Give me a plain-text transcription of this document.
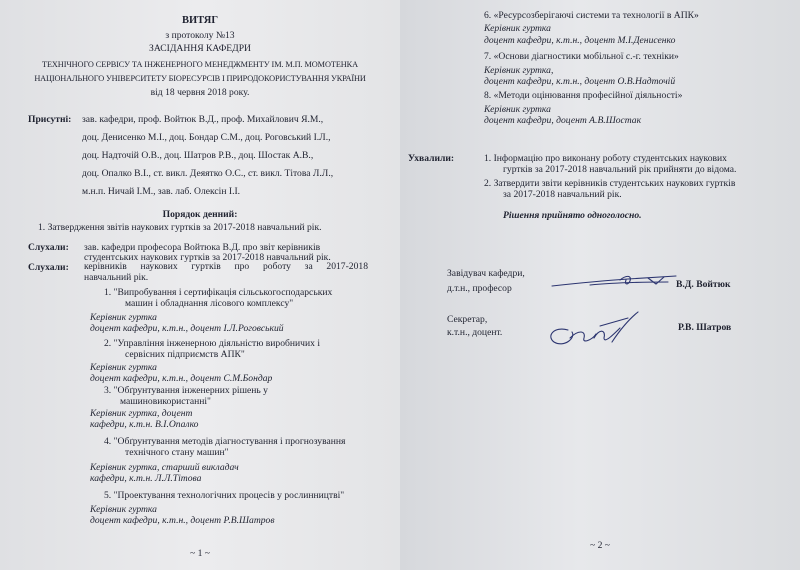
ВИТЯГ
з протоколу №13
ЗАСІДАННЯ КАФЕДРИ
ТЕХНІЧНОГО СЕРВІСУ ТА ІНЖЕНЕРНОГО МЕНЕДЖМЕНТУ ІМ. М.П. МОМОТЕНКА
НАЦІОНАЛЬНОГО УНІВЕРСИТЕТУ БІОРЕСУРСІВ І ПРИРОДОКОРИСТУВАННЯ УКРАЇНИ
від 18 червня 2018 року.
Присутні: зав. кафедри, проф. Войтюк В.Д., проф. Михайлович Я.М.,
доц. Денисенко М.І., доц. Бондар С.М., доц. Роговський І.Л.,
доц. Надточій О.В., доц. Шатров Р.В., доц. Шостак А.В.,
доц. Опалко В.І., ст. викл. Деяятко О.С., ст. викл. Тітова Л.Л.,
м.н.п. Ничай І.М., зав. лаб. Олексін І.І.
Порядок денний:
1. Затвердження звітів наукових гуртків за 2017-2018 навчальний рік.
Слухали: зав. кафедри професора Войтюка В.Д. про звіт керівників
студентських наукових гуртків за 2017-2018 навчальний рік.
Слухали: керівників наукових гуртків про роботу за 2017-2018
навчальний рік.
1. "Випробування і сертифікація сільськогосподарських
машин і обладнання лісового комплексу"
Керівник гуртка
доцент кафедри, к.т.н., доцент І.Л.Роговський
2. "Управління інженерною діяльністю виробничих і
сервісних підприємств АПК"
Керівник гуртка
доцент кафедри, к.т.н., доцент С.М.Бондар
3. "Обґрунтування інженерних рішень у
машиновикористанні"
Керівник гуртка, доцент
кафедри, к.т.н. В.І.Опалко
4. "Обґрунтування методів діагностування і прогнозування
технічного стану машин"
Керівник гуртка, старший викладач
кафедри, к.т.н. Л.Л.Тітова
5. "Проектування технологічних процесів у рослинництві"
Керівник гуртка
доцент кафедри, к.т.н., доцент Р.В.Шатров
~ 1 ~
6. «Ресурсозберігаючі системи та технології в АПК»
Керівник гуртка
доцент кафедри, к.т.н., доцент М.І.Денисенко
7. «Основи діагностики мобільної с.-г. техніки»
Керівник гуртка,
доцент кафедри, к.т.н., доцент О.В.Надточій
8. «Методи оцінювання професійної діяльності»
Керівник гуртка
доцент кафедри, доцент А.В.Шостак
Ухвалили:	1. Інформацію про виконану роботу студентських наукових
гуртків за 2017-2018 навчальний рік прийняти до відома.
2. Затвердити звіти керівників студентських наукових гуртків
за 2017-2018 навчальний рік.
Рішення прийнято одноголосно.
Завідувач кафедри,
д.т.н., професор	В.Д. Войтюк
Секретар,
к.т.н., доцент.	Р.В. Шатров
~ 2 ~
